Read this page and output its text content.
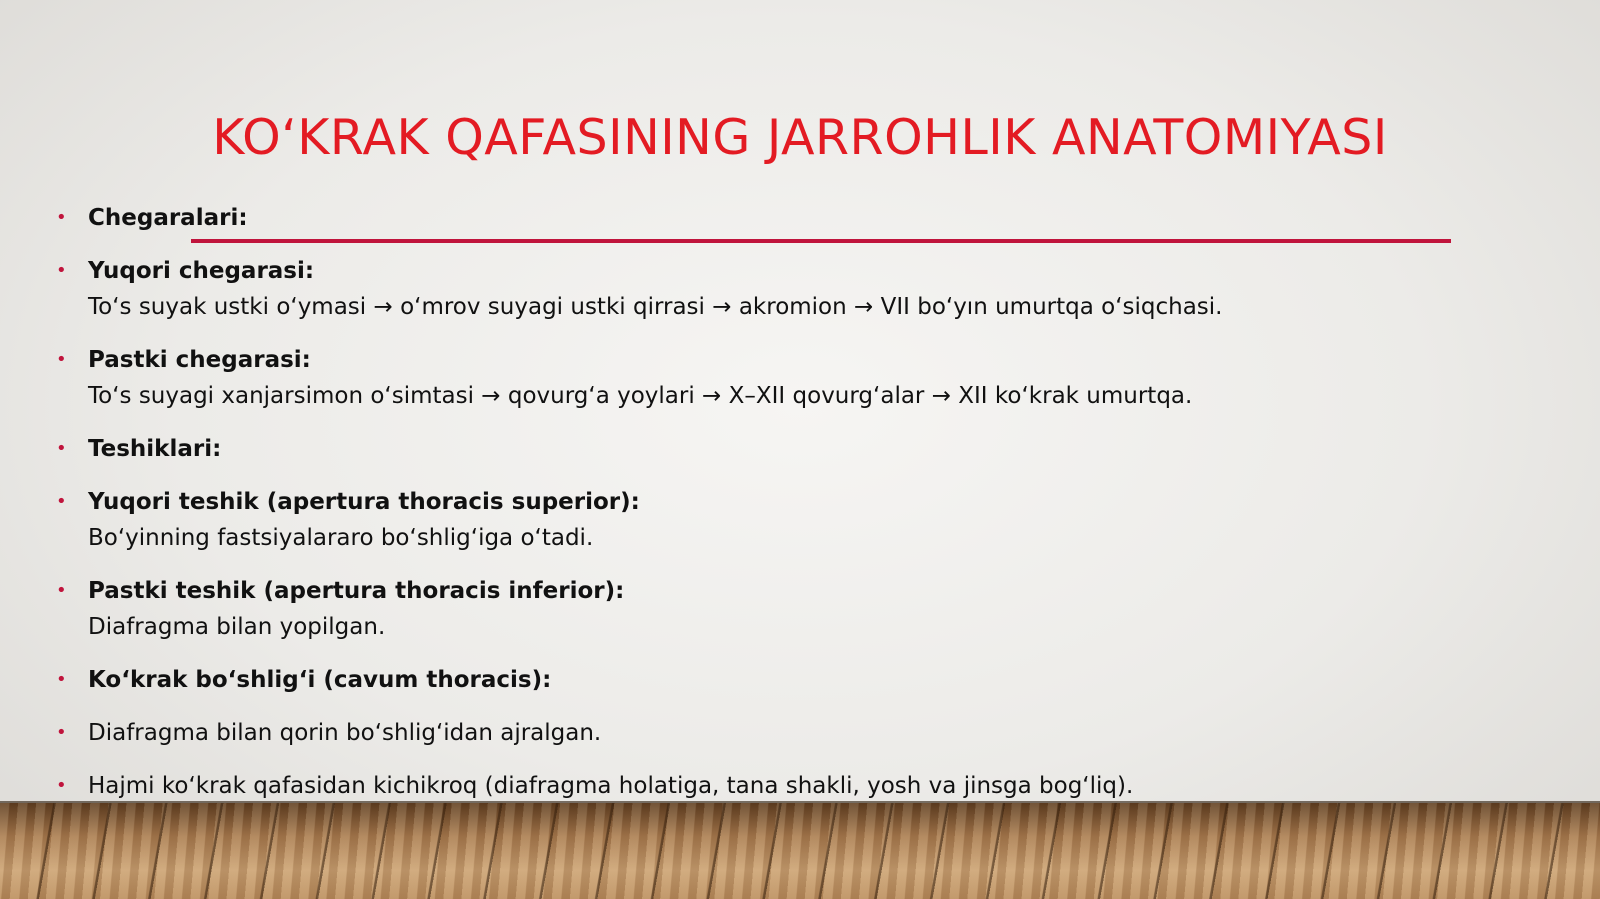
KO‘KRAK QAFASINING JARROHLIK ANATOMIYASI
• Chegaralari:
• Yuqori chegarasi:
To‘s suyak ustki o‘ymasi → o‘mrov suyagi ustki qirrasi → akromion → VII bo‘yın umurtqa o‘siqchasi.
• Pastki chegarasi:
To‘s suyagi xanjarsimon o‘simtasi → qovurg‘a yoylari → X–XII qovurg‘alar → XII ko‘krak umurtqa.
• Teshiklari:
• Yuqori teshik (apertura thoracis superior):
Bo‘yinning fastsiyalararo bo‘shlig‘iga o‘tadi.
• Pastki teshik (apertura thoracis inferior):
Diafragma bilan yopilgan.
• Ko‘krak bo‘shlig‘i (cavum thoracis):
• Diafragma bilan qorin bo‘shlig‘idan ajralgan.
• Hajmi ko‘krak qafasidan kichikroq (diafragma holatiga, tana shakli, yosh va jinsga bog‘liq).
